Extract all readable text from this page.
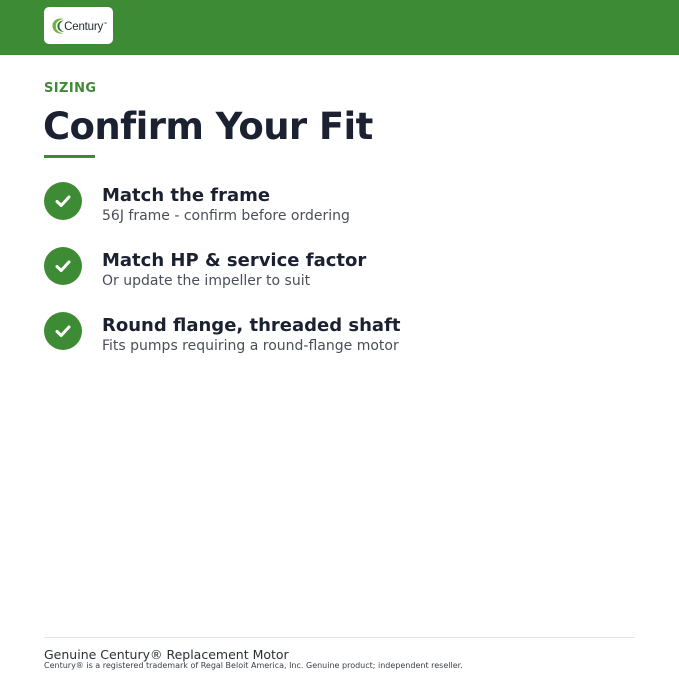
Century™
SIZING
Confirm Your Fit
Match the frame
56J frame - confirm before ordering
Match HP & service factor
Or update the impeller to suit
Round flange, threaded shaft
Fits pumps requiring a round-flange motor
Genuine Century® Replacement Motor
Century® is a registered trademark of Regal Beloit America, Inc. Genuine product; independent reseller.
